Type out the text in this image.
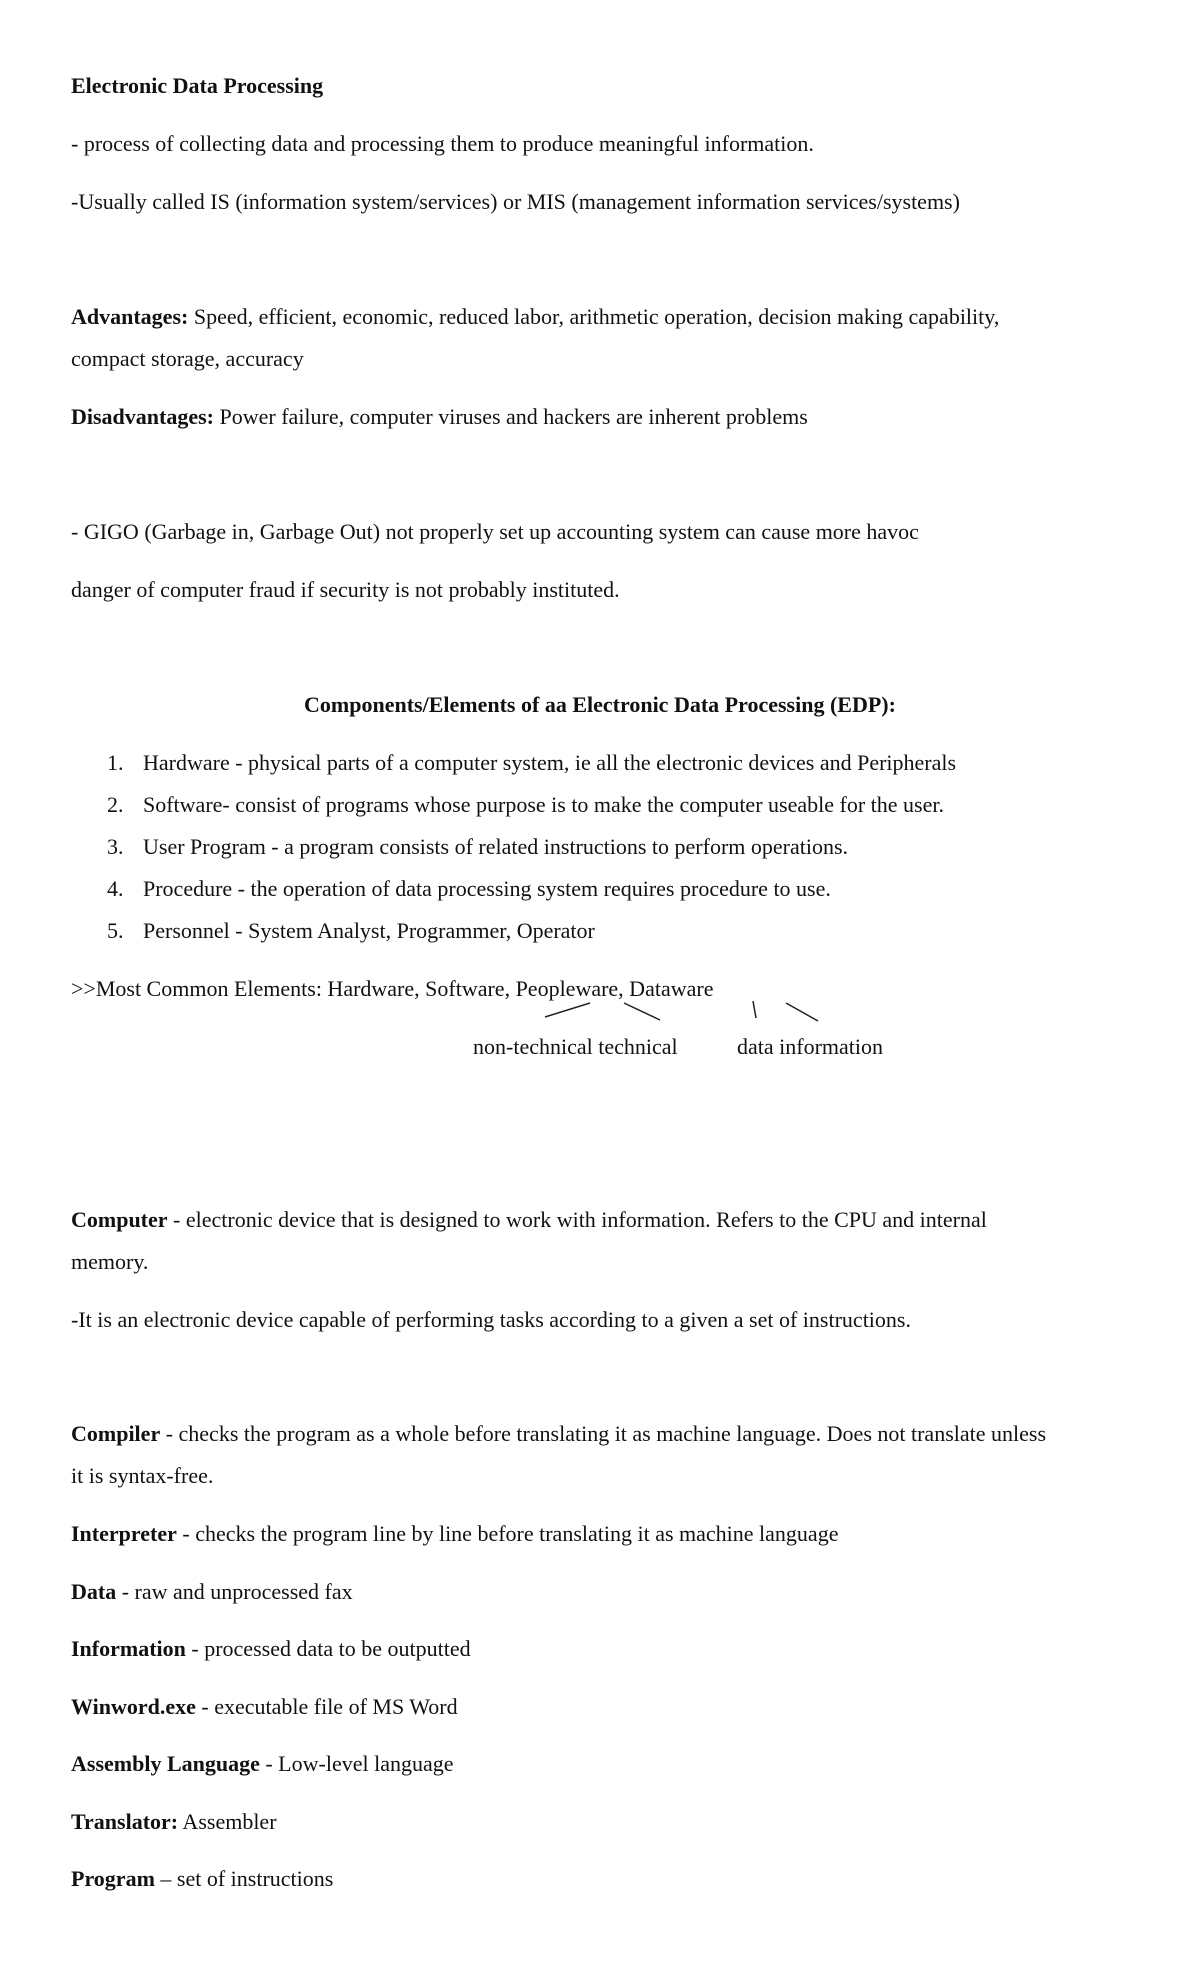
Electronic Data Processing
- process of collecting data and processing them to produce meaningful information.
-Usually called IS (information system/services) or MIS (management information services/systems)
Advantages: Speed, efficient, economic, reduced labor, arithmetic operation, decision making capability,
compact storage, accuracy
Disadvantages: Power failure, computer viruses and hackers are inherent problems
- GIGO (Garbage in, Garbage Out) not properly set up accounting system can cause more havoc
danger of computer fraud if security is not probably instituted.
Components/Elements of aa Electronic Data Processing (EDP):
1. Hardware - physical parts of a computer system, ie all the electronic devices and Peripherals
2. Software- consist of programs whose purpose is to make the computer useable for the user.
3. User Program - a program consists of related instructions to perform operations.
4. Procedure - the operation of data processing system requires procedure to use.
5. Personnel - System Analyst, Programmer, Operator
>>Most Common Elements: Hardware, Software, Peopleware, Dataware
non-technical technical	data information
Computer - electronic device that is designed to work with information. Refers to the CPU and internal
memory.
-It is an electronic device capable of performing tasks according to a given a set of instructions.
Compiler - checks the program as a whole before translating it as machine language. Does not translate unless
it is syntax-free.
Interpreter - checks the program line by line before translating it as machine language
Data - raw and unprocessed fax
Information - processed data to be outputted
Winword.exe - executable file of MS Word
Assembly Language - Low-level language
Translator: Assembler
Program – set of instructions
